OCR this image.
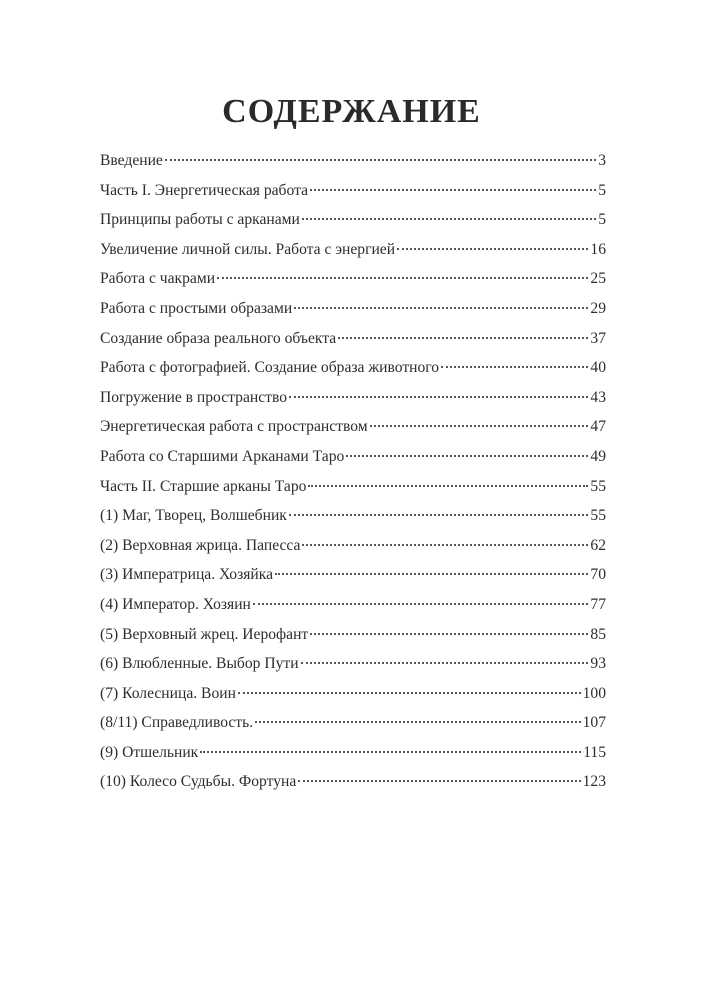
СОДЕРЖАНИЕ
Введение	3
Часть I. Энергетическая работа	5
Принципы работы с арканами	5
Увеличение личной силы. Работа с энергией	16
Работа с чакрами	25
Работа с простыми образами	29
Создание образа реального объекта	37
Работа с фотографией. Создание образа животного	40
Погружение в пространство	43
Энергетическая работа с пространством	47
Работа со Старшими Арканами Таро	49
Часть II. Старшие арканы Таро	55
(1) Маг, Творец, Волшебник	55
(2) Верховная жрица. Папесса	62
(3) Императрица. Хозяйка	70
(4) Император. Хозяин	77
(5) Верховный жрец. Иерофант	85
(6) Влюбленные. Выбор Пути	93
(7) Колесница. Воин	100
(8/11) Справедливость.	107
(9) Отшельник	115
(10) Колесо Судьбы. Фортуна	123
